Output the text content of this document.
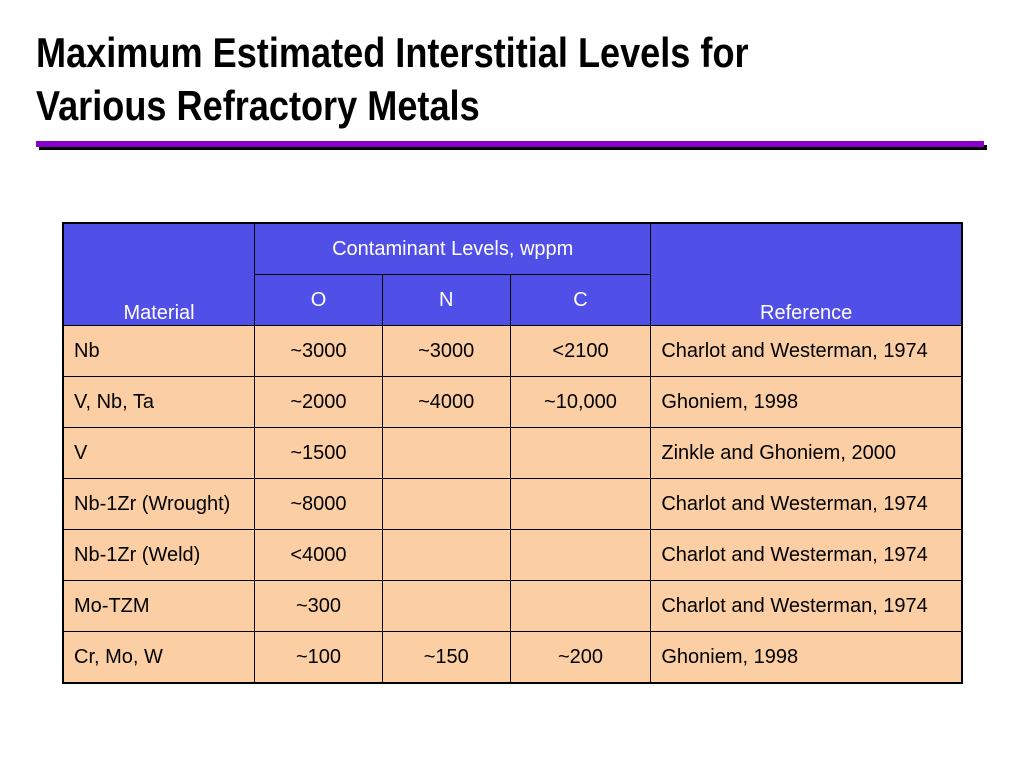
Maximum Estimated Interstitial Levels for
Various Refractory Metals
Material	Contaminant Levels, wppm			Reference
	O	N	C	
Nb	~3000	~3000	<2100	Charlot and Westerman, 1974
V, Nb, Ta	~2000	~4000	~10,000	Ghoniem, 1998
V	~1500			Zinkle and Ghoniem, 2000
Nb-1Zr (Wrought)	~8000			Charlot and Westerman, 1974
Nb-1Zr (Weld)	<4000			Charlot and Westerman, 1974
Mo-TZM	~300			Charlot and Westerman, 1974
Cr, Mo, W	~100	~150	~200	Ghoniem, 1998
